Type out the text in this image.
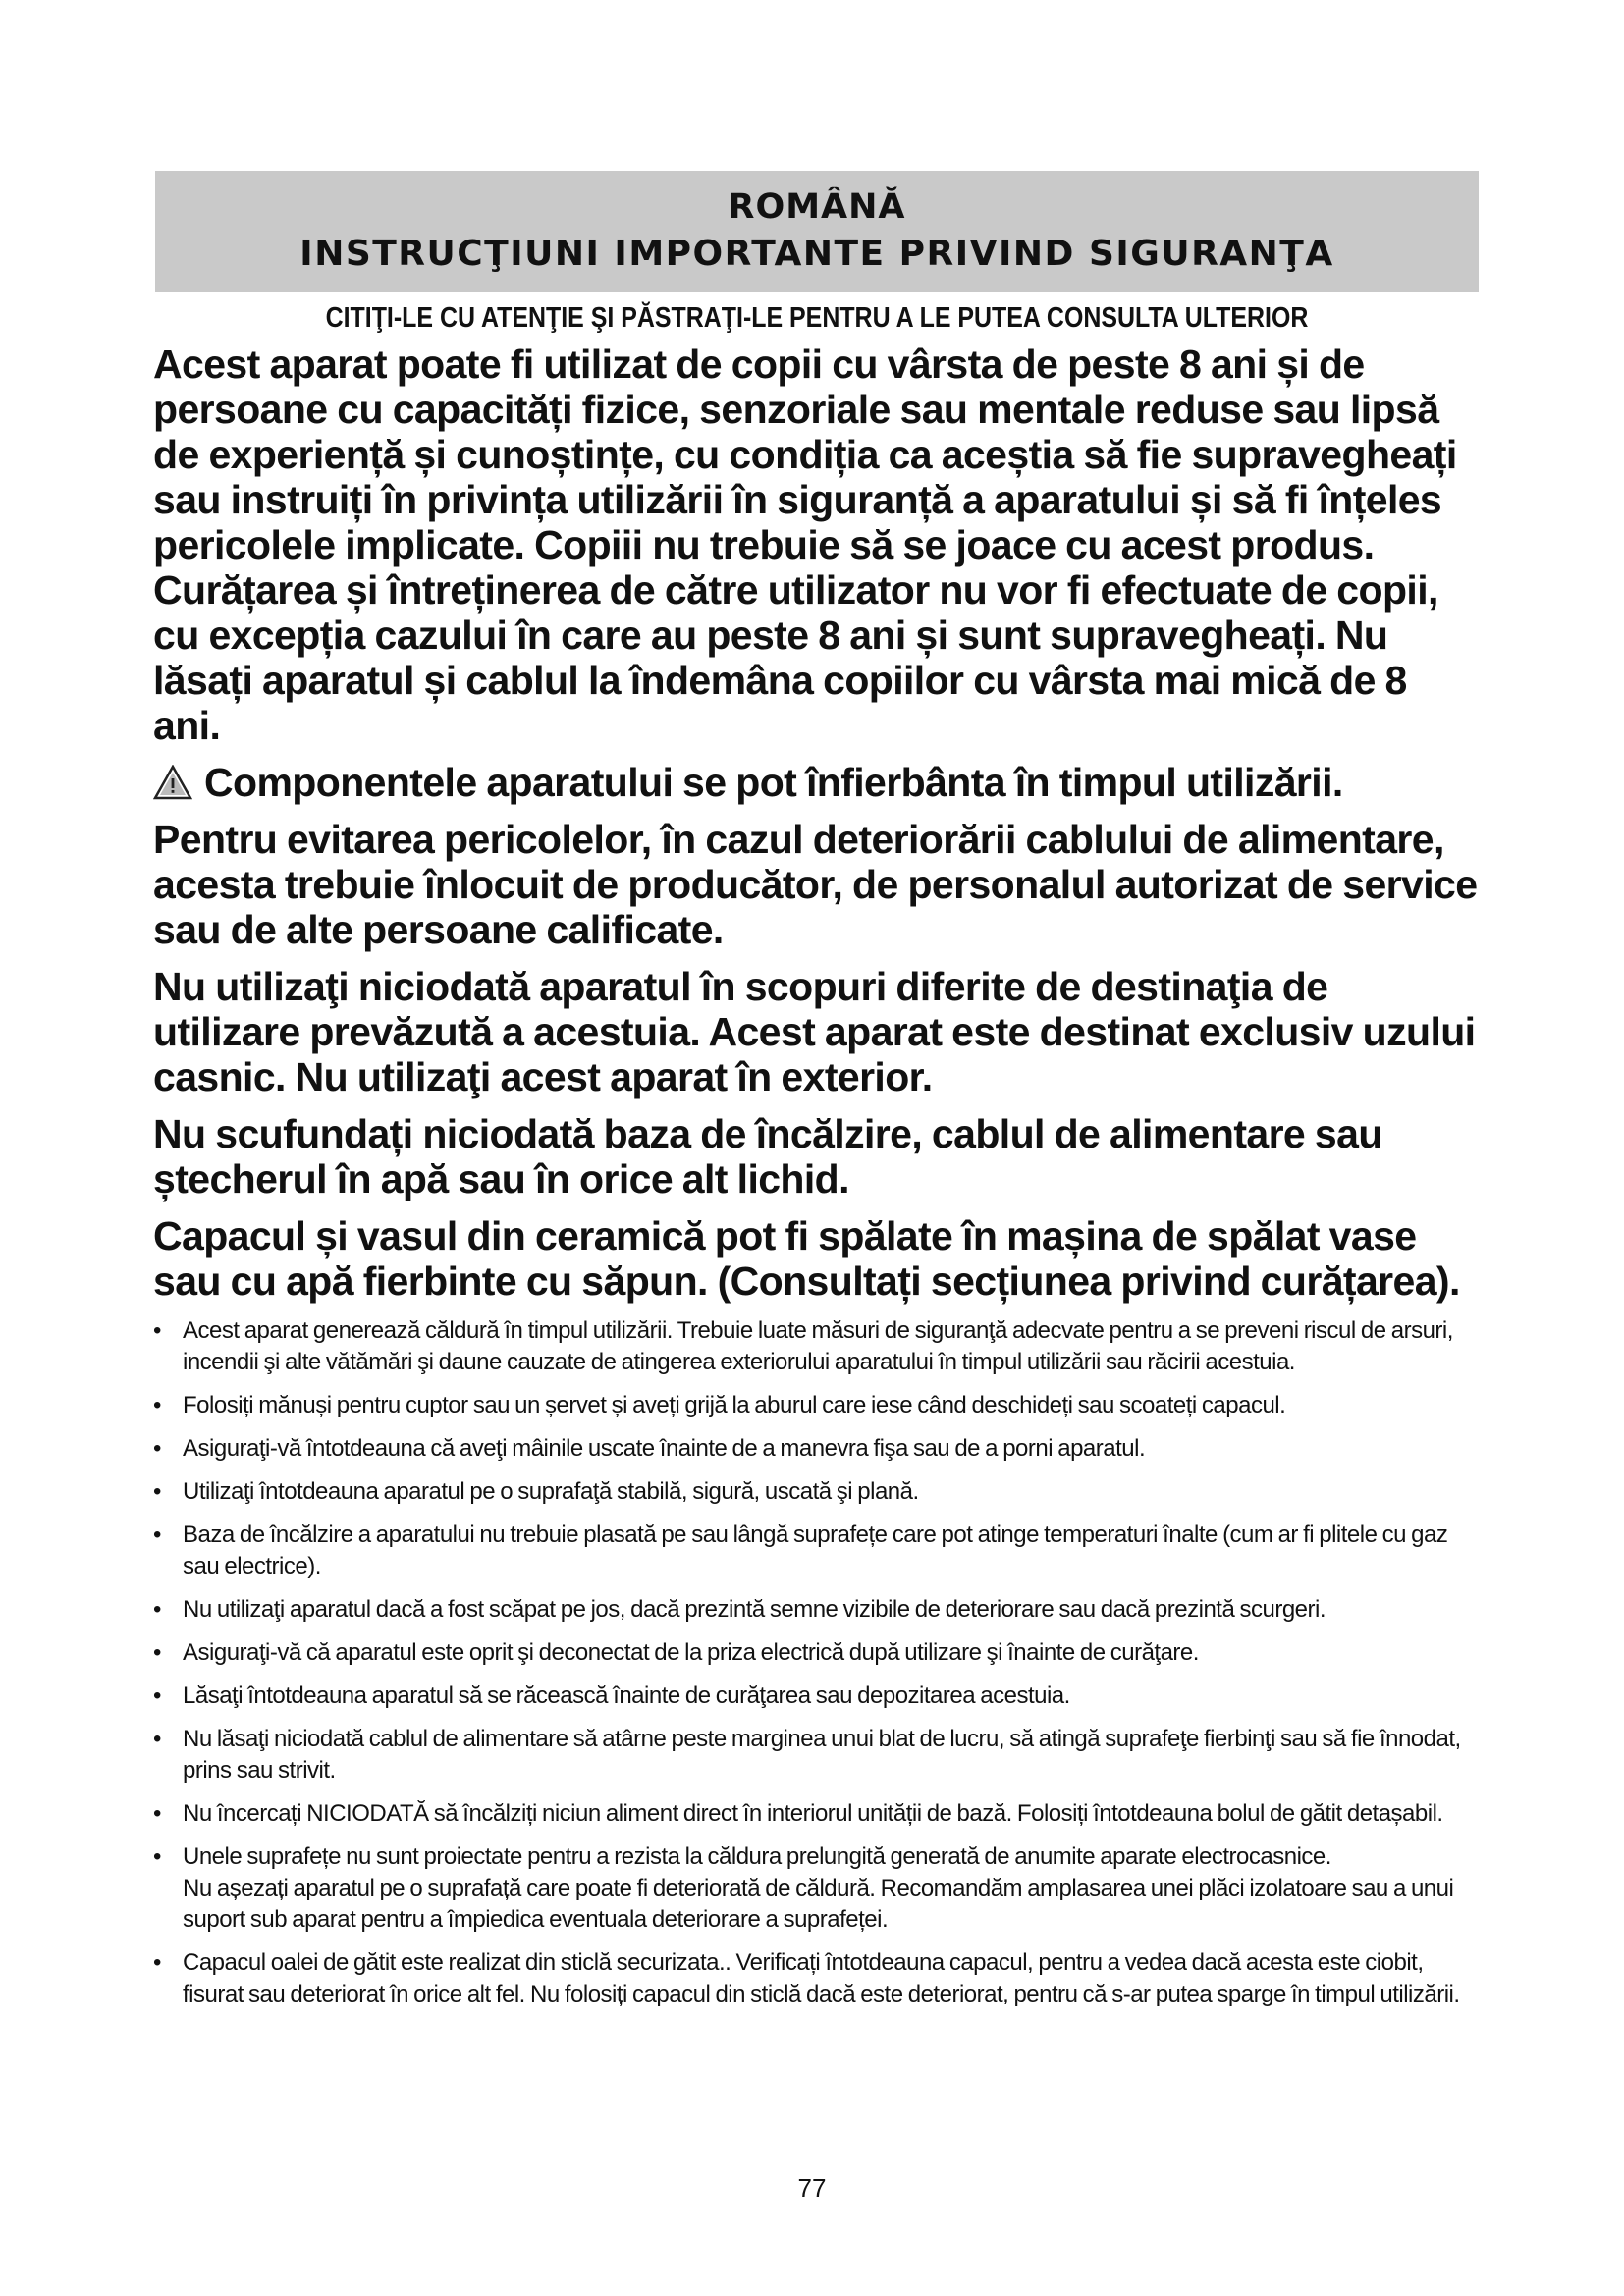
ROMÂNĂ
INSTRUCŢIUNI IMPORTANTE PRIVIND SIGURANŢA
CITIŢI-LE CU ATENŢIE ŞI PĂSTRAŢI-LE PENTRU A LE PUTEA CONSULTA ULTERIOR

Acest aparat poate fi utilizat de copii cu vârsta de peste 8 ani și de persoane cu capacități fizice, senzoriale sau mentale reduse sau lipsă de experiență și cunoștințe, cu condiția ca aceștia să fie supravegheați sau instruiți în privința utilizării în siguranță a aparatului și să fi înțeles pericolele implicate. Copiii nu trebuie să se joace cu acest produs. Curățarea și întreținerea de către utilizator nu vor fi efectuate de copii, cu excepția cazului în care au peste 8 ani și sunt supravegheați. Nu lăsați aparatul și cablul la îndemâna copiilor cu vârsta mai mică de 8 ani.

Componentele aparatului se pot înfierbânta în timpul utilizării.

Pentru evitarea pericolelor, în cazul deteriorării cablului de alimentare, acesta trebuie înlocuit de producător, de personalul autorizat de service sau de alte persoane calificate.

Nu utilizaţi niciodată aparatul în scopuri diferite de destinaţia de utilizare prevăzută a acestuia. Acest aparat este destinat exclusiv uzului casnic. Nu utilizaţi acest aparat în exterior.

Nu scufundați niciodată baza de încălzire, cablul de alimentare sau ștecherul în apă sau în orice alt lichid.

Capacul și vasul din ceramică pot fi spălate în mașina de spălat vase sau cu apă fierbinte cu săpun. (Consultați secțiunea privind curățarea).

• Acest aparat generează căldură în timpul utilizării. Trebuie luate măsuri de siguranţă adecvate pentru a se preveni riscul de arsuri, incendii şi alte vătămări şi daune cauzate de atingerea exteriorului aparatului în timpul utilizării sau răcirii acestuia.
• Folosiți mănuși pentru cuptor sau un șervet și aveți grijă la aburul care iese când deschideți sau scoateți capacul.
• Asiguraţi-vă întotdeauna că aveţi mâinile uscate înainte de a manevra fişa sau de a porni aparatul.
• Utilizaţi întotdeauna aparatul pe o suprafaţă stabilă, sigură, uscată şi plană.
• Baza de încălzire a aparatului nu trebuie plasată pe sau lângă suprafețe care pot atinge temperaturi înalte (cum ar fi plitele cu gaz sau electrice).
• Nu utilizaţi aparatul dacă a fost scăpat pe jos, dacă prezintă semne vizibile de deteriorare sau dacă prezintă scurgeri.
• Asiguraţi-vă că aparatul este oprit şi deconectat de la priza electrică după utilizare şi înainte de curăţare.
• Lăsaţi întotdeauna aparatul să se răcească înainte de curăţarea sau depozitarea acestuia.
• Nu lăsaţi niciodată cablul de alimentare să atârne peste marginea unui blat de lucru, să atingă suprafeţe fierbinţi sau să fie înnodat, prins sau strivit.
• Nu încercați NICIODATĂ să încălziți niciun aliment direct în interiorul unității de bază. Folosiți întotdeauna bolul de gătit detașabil.
• Unele suprafețe nu sunt proiectate pentru a rezista la căldura prelungită generată de anumite aparate electrocasnice.
Nu așezați aparatul pe o suprafață care poate fi deteriorată de căldură. Recomandăm amplasarea unei plăci izolatoare sau a unui suport sub aparat pentru a împiedica eventuala deteriorare a suprafeței.
• Capacul oalei de gătit este realizat din sticlă securizata.. Verificați întotdeauna capacul, pentru a vedea dacă acesta este ciobit, fisurat sau deteriorat în orice alt fel. Nu folosiți capacul din sticlă dacă este deteriorat, pentru că s-ar putea sparge în timpul utilizării.
77
